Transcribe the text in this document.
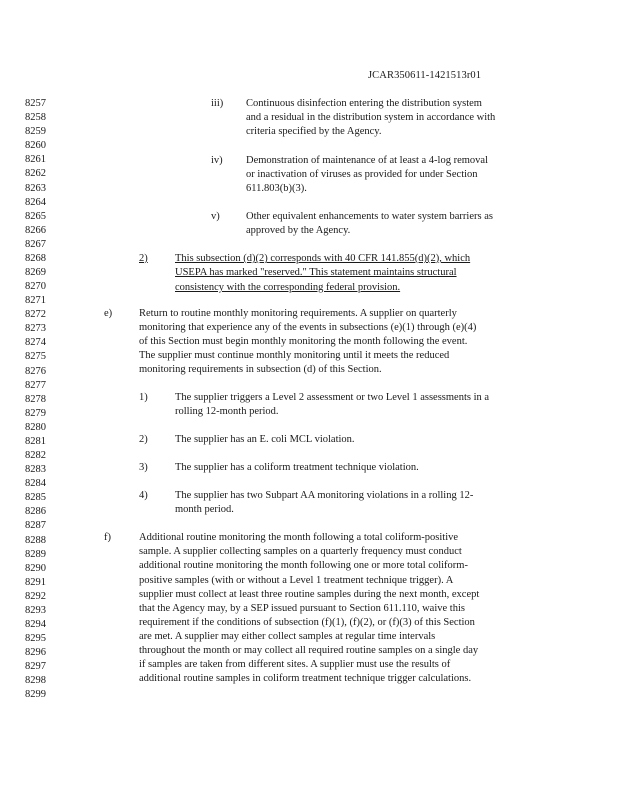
JCAR350611-1421513r01
8257
8258
8259
8260
8261
8262
8263
8264
8265
8266
8267
8268
8269
8270
8271
8272
8273
8274
8275
8276
8277
8278
8279
8280
8281
8282
8283
8284
8285
8286
8287
8288
8289
8290
8291
8292
8293
8294
8295
8296
8297
8298
8299
iii) Continuous disinfection entering the distribution system
and a residual in the distribution system in accordance with
criteria specified by the Agency.
iv) Demonstration of maintenance of at least a 4-log removal
or inactivation of viruses as provided for under Section
611.803(b)(3).
v)	Other equivalent enhancements to water system barriers as
approved by the Agency.
2)	This subsection (d)(2) corresponds with 40 CFR 141.855(d)(2), which
USEPA has marked "reserved." This statement maintains structural
consistency with the corresponding federal provision.
e)	Return to routine monthly monitoring requirements. A supplier on quarterly
monitoring that experience any of the events in subsections (e)(1) through (e)(4)
of this Section must begin monthly monitoring the month following the event.
The supplier must continue monthly monitoring until it meets the reduced
monitoring requirements in subsection (d) of this Section.
1)	The supplier triggers a Level 2 assessment or two Level 1 assessments in a
rolling 12-month period.
2)	The supplier has an E. coli MCL violation.
3)	The supplier has a coliform treatment technique violation.
4)	The supplier has two Subpart AA monitoring violations in a rolling 12-
month period.
f)	Additional routine monitoring the month following a total coliform-positive
sample. A supplier collecting samples on a quarterly frequency must conduct
additional routine monitoring the month following one or more total coliform-
positive samples (with or without a Level 1 treatment technique trigger). A
supplier must collect at least three routine samples during the next month, except
that the Agency may, by a SEP issued pursuant to Section 611.110, waive this
requirement if the conditions of subsection (f)(1), (f)(2), or (f)(3) of this Section
are met. A supplier may either collect samples at regular time intervals
throughout the month or may collect all required routine samples on a single day
if samples are taken from different sites. A supplier must use the results of
additional routine samples in coliform treatment technique trigger calculations.
